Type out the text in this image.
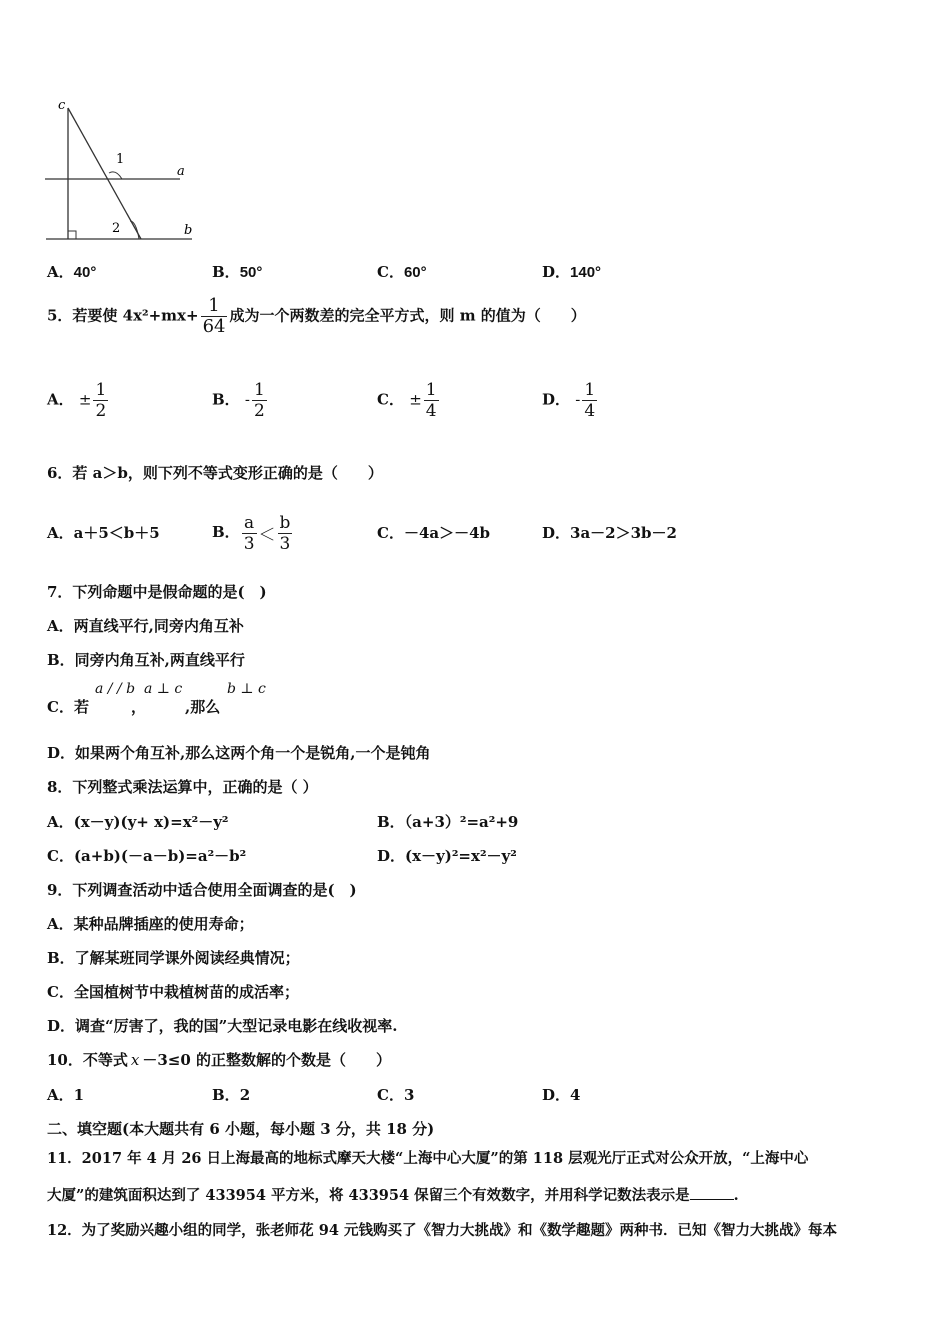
c
1
a
2	b
A．40°	B．50°	C．60°	D．140°
5．若要使 $4x^2+mx+ \frac{1}{64}$ 成为一个两数差的完全平方式，则 m 的值为（　　）
A． ± $\frac{1}{2}$	B． - $\frac{1}{2}$	C． ± $\frac{1}{4}$	D． - $\frac{1}{4}$
6．若 a＞b，则下列不等式变形正确的是（　　）
A．a＋5＜b＋5	B． $\frac{a}{3} < \frac{b}{3}$	C．－4a＞－4b	D．3a－2＞3b－2
7．下列命题中是假命题的是(　)
A．两直线平行,同旁内角互补
B．同旁内角互补,两直线平行
C．若
a / / b
，
a ⊥ c
,那么
b ⊥ c
D．如果两个角互补,那么这两个角一个是锐角,一个是钝角
8．下列整式乘法运算中，正确的是（ ）
A．(x－y)(y+ x)=x²－y²	B．（a+3）²=a²+9
C．(a+b)(－a－b)=a²－b²	D．(x－y)²=x²－y²
9．下列调查活动中适合使用全面调查的是(　)
A．某种品牌插座的使用寿命；
B．了解某班同学课外阅读经典情况；
C．全国植树节中栽植树苗的成活率；
D．调查“厉害了，我的国”大型记录电影在线收视率.
10．不等式 x －3≤0 的正整数解的个数是（　　）
A．1	B．2	C．3	D．4
二、填空题(本大题共有 6 小题，每小题 3 分，共 18 分)
11．2017 年 4 月 26 日上海最高的地标式摩天大楼“上海中心大厦”的第 118 层观光厅正式对公众开放，“上海中心
大厦”的建筑面积达到了 433954 平方米，将 433954 保留三个有效数字，并用科学记数法表示是	.
12．为了奖励兴趣小组的同学，张老师花 94 元钱购买了《智力大挑战》和《数学趣题》两种书．已知《智力大挑战》每本
